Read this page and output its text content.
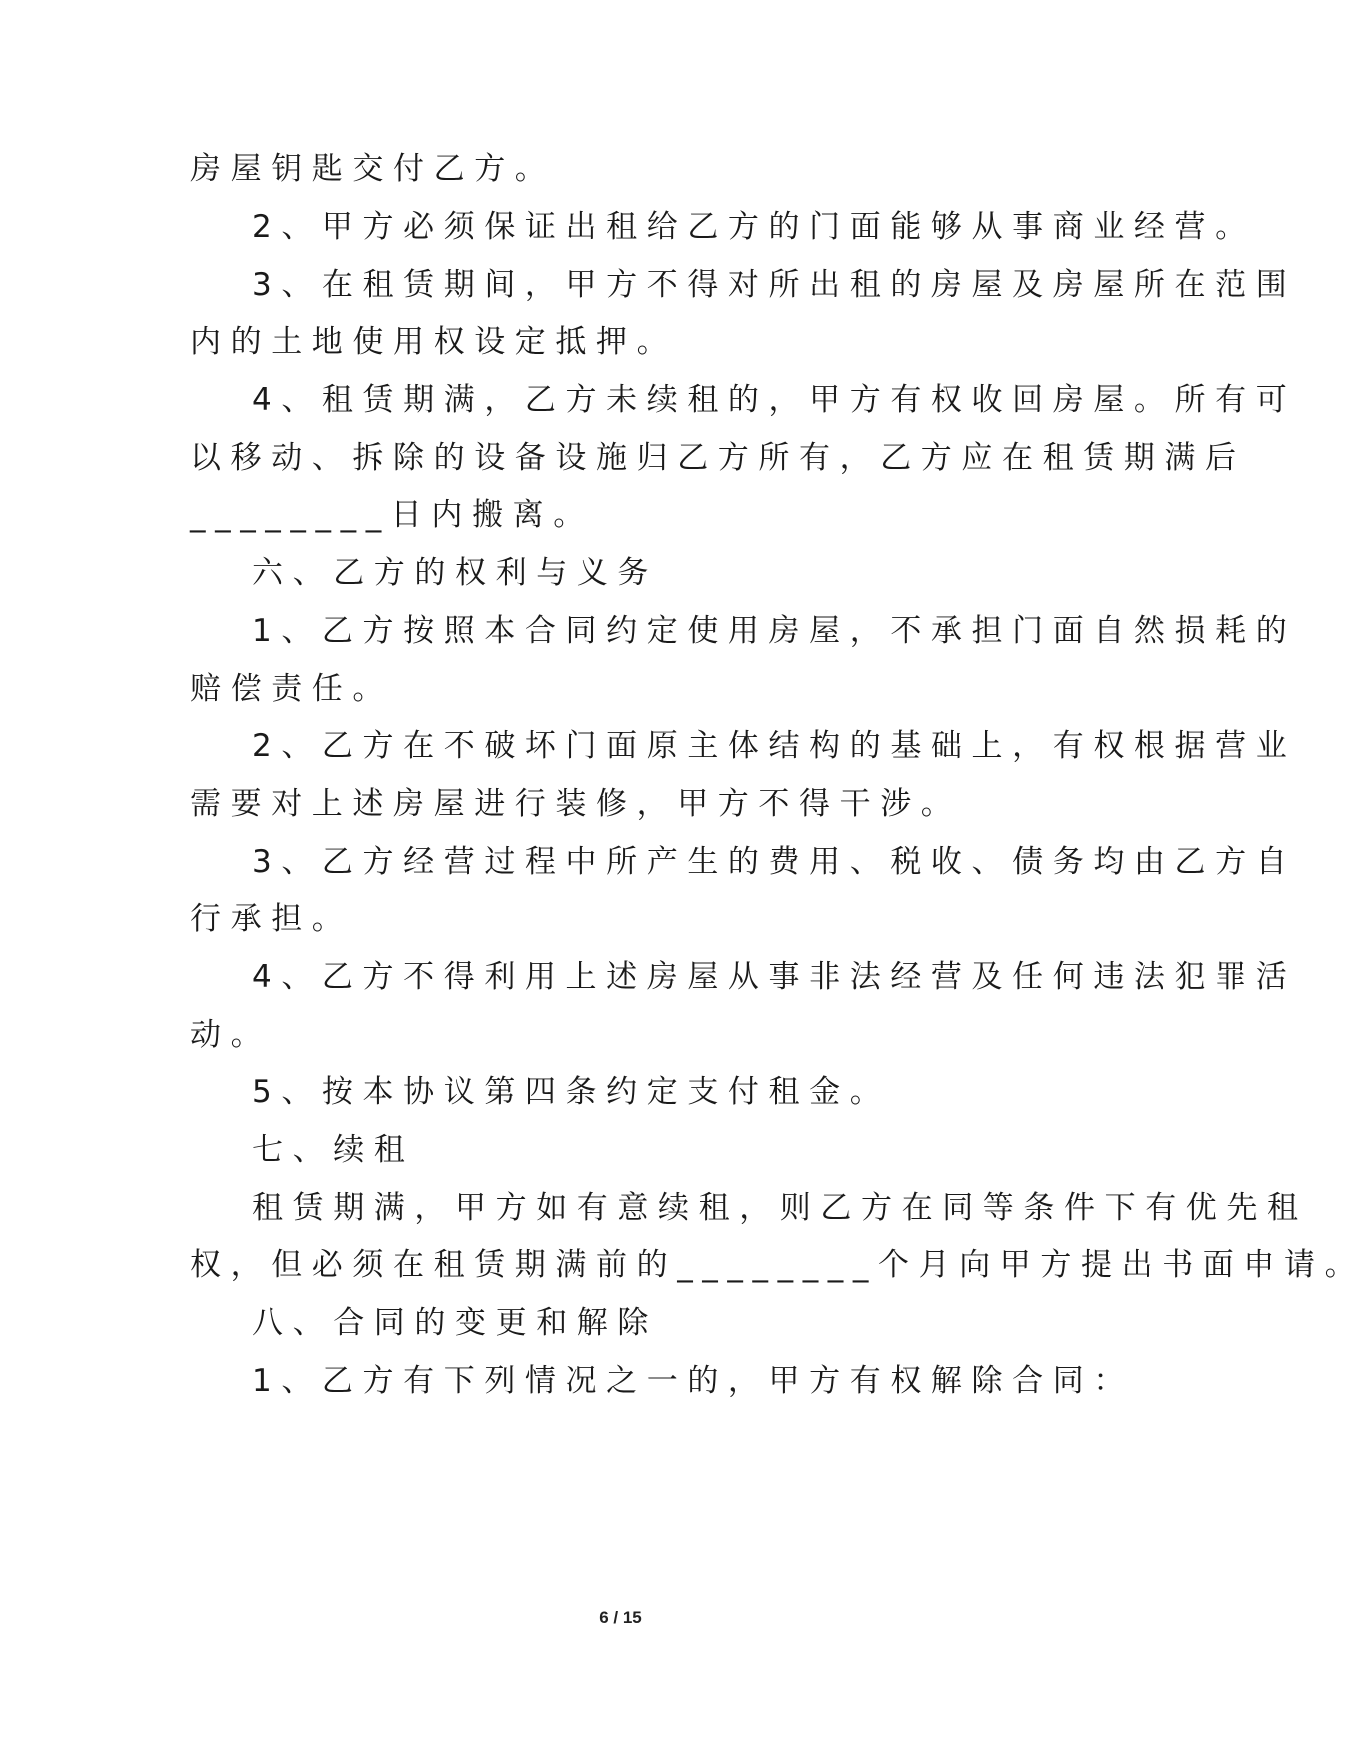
房屋钥匙交付乙方。
2、甲方必须保证出租给乙方的门面能够从事商业经营。
3、在租赁期间，甲方不得对所出租的房屋及房屋所在范围
内的土地使用权设定抵押。
4、租赁期满，乙方未续租的，甲方有权收回房屋。所有可
以移动、拆除的设备设施归乙方所有，乙方应在租赁期满后
________日内搬离。
六、乙方的权利与义务
1、乙方按照本合同约定使用房屋，不承担门面自然损耗的
赔偿责任。
2、乙方在不破坏门面原主体结构的基础上，有权根据营业
需要对上述房屋进行装修，甲方不得干涉。
3、乙方经营过程中所产生的费用、税收、债务均由乙方自
行承担。
4、乙方不得利用上述房屋从事非法经营及任何违法犯罪活
动。
5、按本协议第四条约定支付租金。
七、续租
租赁期满，甲方如有意续租，则乙方在同等条件下有优先租
权，但必须在租赁期满前的________个月向甲方提出书面申请。
八、合同的变更和解除
1、乙方有下列情况之一的，甲方有权解除合同：
6 / 15
